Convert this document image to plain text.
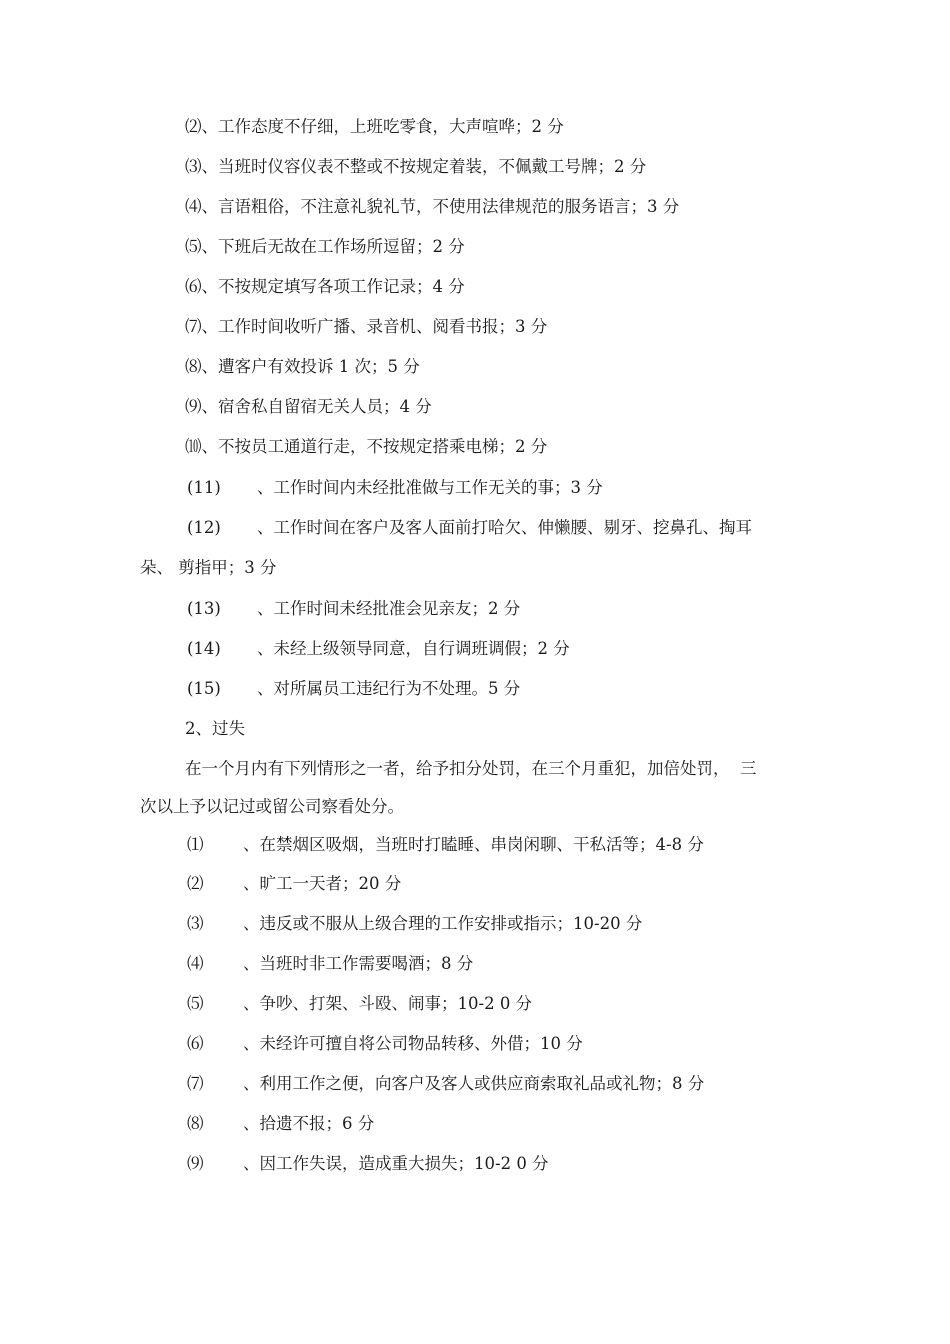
⑵、工作态度不仔细，上班吃零食，大声喧哗；2 分
⑶、当班时仪容仪表不整或不按规定着装，不佩戴工号牌；2 分
⑷、言语粗俗，不注意礼貌礼节，不使用法律规范的服务语言；3 分
⑸、下班后无故在工作场所逗留；2 分
⑹、不按规定填写各项工作记录；4 分
⑺、工作时间收听广播、录音机、阅看书报；3 分
⑻、遭客户有效投诉 1 次；5 分
⑼、宿舍私自留宿无关人员；4 分
⑽、不按员工通道行走，不按规定搭乘电梯；2 分
(11) 、工作时间内未经批准做与工作无关的事；3 分
(12) 、工作时间在客户及客人面前打哈欠、伸懒腰、剔牙、挖鼻孔、掏耳
朵、 剪指甲；3 分
(13) 、工作时间未经批准会见亲友；2 分
(14) 、未经上级领导同意，自行调班调假；2 分
(15) 、对所属员工违纪行为不处理。5 分
2、过失
在一个月内有下列情形之一者，给予扣分处罚，在三个月重犯，加倍处罚，  三
次以上予以记过或留公司察看处分。
⑴ 、在禁烟区吸烟，当班时打瞌睡、串岗闲聊、干私活等；4-8 分
⑵ 、旷工一天者；20 分
⑶ 、违反或不服从上级合理的工作安排或指示；10-20 分
⑷ 、当班时非工作需要喝酒；8 分
⑸ 、争吵、打架、斗殴、闹事；10-2 0 分
⑹ 、未经许可擅自将公司物品转移、外借；10 分
⑺ 、利用工作之便，向客户及客人或供应商索取礼品或礼物；8 分
⑻ 、拾遗不报；6 分
⑼ 、因工作失误，造成重大损失；10-2 0 分
